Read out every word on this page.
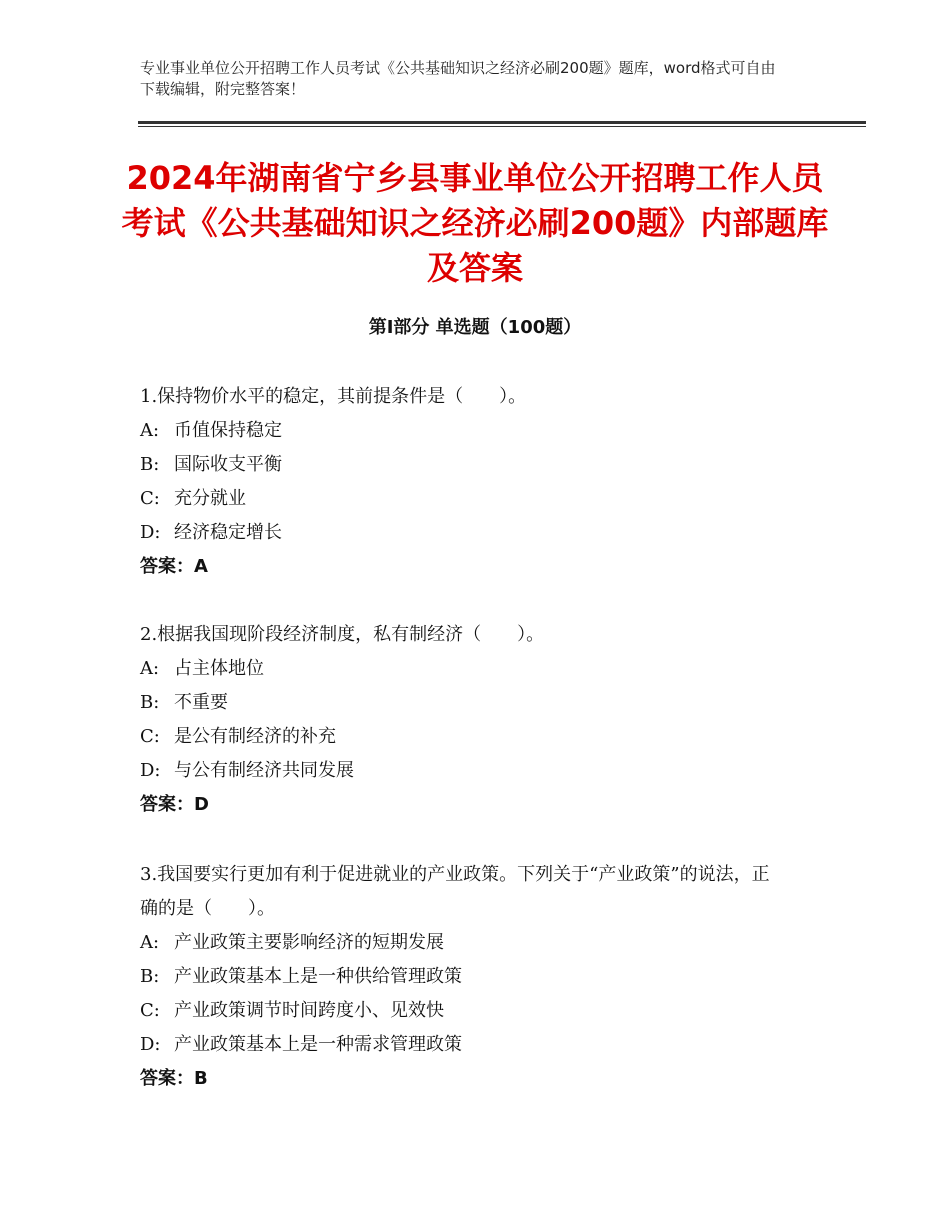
专业事业单位公开招聘工作人员考试《公共基础知识之经济必刷200题》题库，word格式可自由下载编辑，附完整答案！
2024年湖南省宁乡县事业单位公开招聘工作人员考试《公共基础知识之经济必刷200题》内部题库及答案
第Ⅰ部分 单选题（100题）
1.保持物价水平的稳定，其前提条件是（　　）。
A: 币值保持稳定
B: 国际收支平衡
C: 充分就业
D: 经济稳定增长
答案：A
2.根据我国现阶段经济制度，私有制经济（　　）。
A: 占主体地位
B: 不重要
C: 是公有制经济的补充
D: 与公有制经济共同发展
答案：D
3.我国要实行更加有利于促进就业的产业政策。下列关于“产业政策”的说法，正确的是（　　）。
A: 产业政策主要影响经济的短期发展
B: 产业政策基本上是一种供给管理政策
C: 产业政策调节时间跨度小、见效快
D: 产业政策基本上是一种需求管理政策
答案：B
